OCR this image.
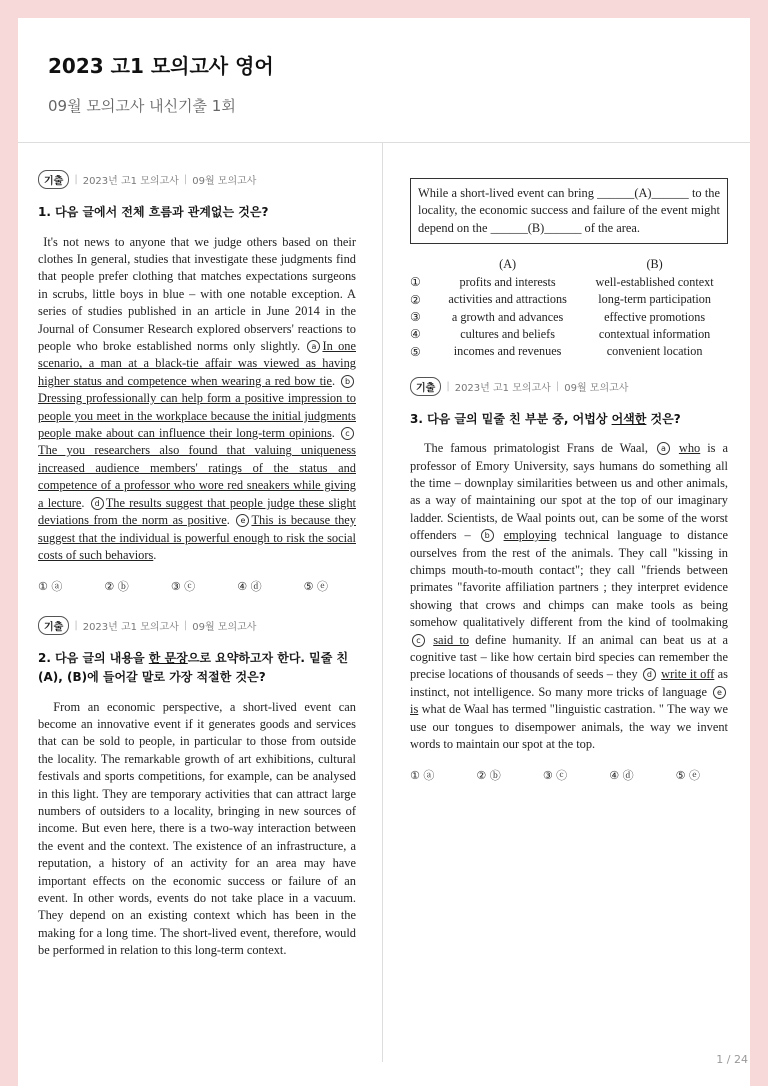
2023 고1 모의고사 영어
09월 모의고사 내신기출 1회
기출	| 2023년 고1 모의고사 | 09월 모의고사

1. 다음 글에서 전체 흐름과 관계없는 것은?

It's not news to anyone that we judge others based on their clothes In general, studies that investigate these judgments find that people prefer clothing that matches expectations surgeons in scrubs, little boys in blue – with one notable exception. A series of studies published in an article in June 2014 in the Journal of Consumer Research explored observers' reactions to people who broke established norms only slightly. a In one scenario, a man at a black-tie affair was viewed as having higher status and competence when wearing a red bow tie. bDressing professionally can help form a positive impression to people you meet in the workplace because the initial judgments people make about can influence their long-term opinions. cThe you researchers also found that valuing uniqueness increased audience members' ratings of the status and competence of a professor who wore red sneakers while giving a lecture. d The results suggest that people judge these slight deviations from the norm as positive. e This is because they suggest that the individual is powerful enough to risk the social costs of such behaviors.

① ⓐ	② ⓑ	③ ⓒ	④ ⓓ	⑤ ⓔ
기출	| 2023년 고1 모의고사 | 09월 모의고사

2. 다음 글의 내용을 한 문장으로 요약하고자 한다. 밑줄 친 (A), (B)에 들어갈 말로 가장 적절한 것은?

From an economic perspective, a short-lived event can become an innovative event if it generates goods and services that can be sold to people, in particular to those from outside the locality. The remarkable growth of art exhibitions, cultural festivals and sports competitions, for example, can be analysed in this light. They are temporary activities that can attract large numbers of outsiders to a locality, bringing in new sources of income. But even here, there is a two-way interaction between the event and the context. The existence of an infrastructure, a reputation, a history of an activity for an area may have important effects on the economic success or failure of an event. In other words, events do not take place in a vacuum. They depend on an existing context which has been in the making for a long time. The short-lived event, therefore, would be performed in relation to this long-term context.

While a short-lived event can bring ______(A)______ to the locality, the economic success and failure of the event might depend on the ______(B)______ of the area.
	(A)	(B)
①	profits and interests	well-established context
②	activities and attractions	long-term participation
③	a growth and advances	effective promotions
④	cultures and beliefs	contextual information
⑤	incomes and revenues	convenient location
기출	| 2023년 고1 모의고사 | 09월 모의고사

3. 다음 글의 밑줄 친 부분 중, 어법상 어색한 것은?

The famous primatologist Frans de Waal, a who is a professor of Emory University, says humans do something all the time – downplay similarities between us and other animals, as a way of maintaining our spot at the top of our imaginary ladder. Scientists, de Waal points out, can be some of the worst offenders – b employing technical language to distance ourselves from the rest of the animals. They call "kissing in chimps mouth-to-mouth contact"; they call "friends between primates "favorite affiliation partners ; they interpret evidence showing that crows and chimps can make tools as being somehow qualitatively different from the kind of toolmaking c said to define humanity. If an animal can beat us at a cognitive tast – like how certain bird species can remember the precise locations of thousands of seeds – they d write it off as instinct, not intelligence. So many more tricks of language e is what de Waal has termed "linguistic castration. " The way we use our tongues to disempower animals, the way we invent words to maintain our spot at the top.

① ⓐ	② ⓑ	③ ⓒ	④ ⓓ	⑤ ⓔ
1 / 24
